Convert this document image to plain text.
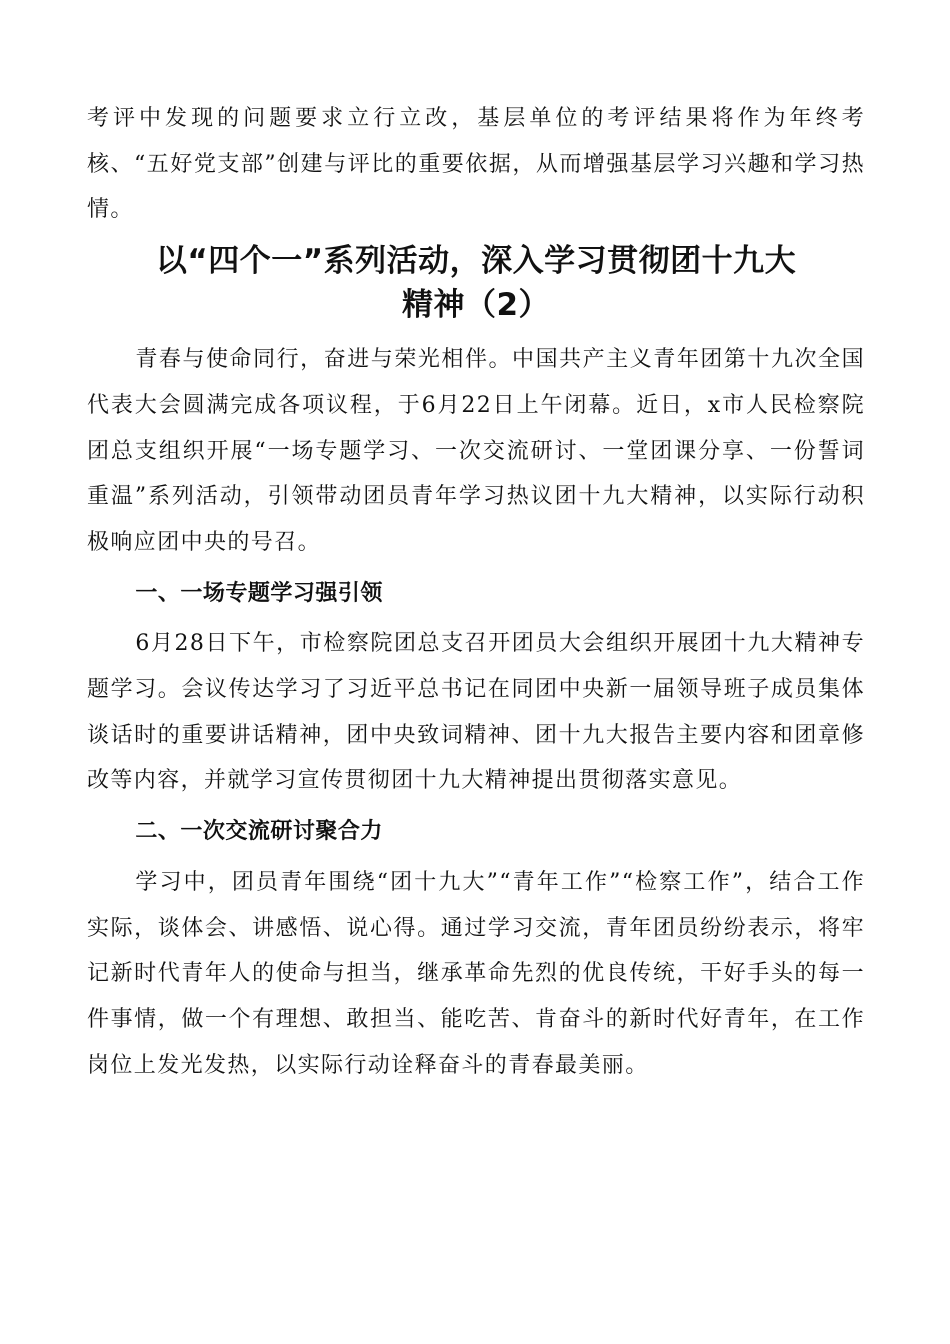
考评中发现的问题要求立行立改，基层单位的考评结果将作为年终考核、“五好党支部”创建与评比的重要依据，从而增强基层学习兴趣和学习热情。

以“四个一”系列活动，深入学习贯彻团十九大
精神（2）

青春与使命同行，奋进与荣光相伴。中国共产主义青年团第十九次全国代表大会圆满完成各项议程，于6月22日上午闭幕。近日，x市人民检察院团总支组织开展“一场专题学习、一次交流研讨、一堂团课分享、一份誓词重温”系列活动，引领带动团员青年学习热议团十九大精神，以实际行动积极响应团中央的号召。

一、一场专题学习强引领

6月28日下午，市检察院团总支召开团员大会组织开展团十九大精神专题学习。会议传达学习了习近平总书记在同团中央新一届领导班子成员集体谈话时的重要讲话精神，团中央致词精神、团十九大报告主要内容和团章修改等内容，并就学习宣传贯彻团十九大精神提出贯彻落实意见。

二、一次交流研讨聚合力

学习中，团员青年围绕“团十九大”“青年工作”“检察工作”，结合工作实际，谈体会、讲感悟、说心得。通过学习交流，青年团员纷纷表示，将牢记新时代青年人的使命与担当，继承革命先烈的优良传统，干好手头的每一件事情，做一个有理想、敢担当、能吃苦、肯奋斗的新时代好青年，在工作岗位上发光发热，以实际行动诠释奋斗的青春最美丽。
